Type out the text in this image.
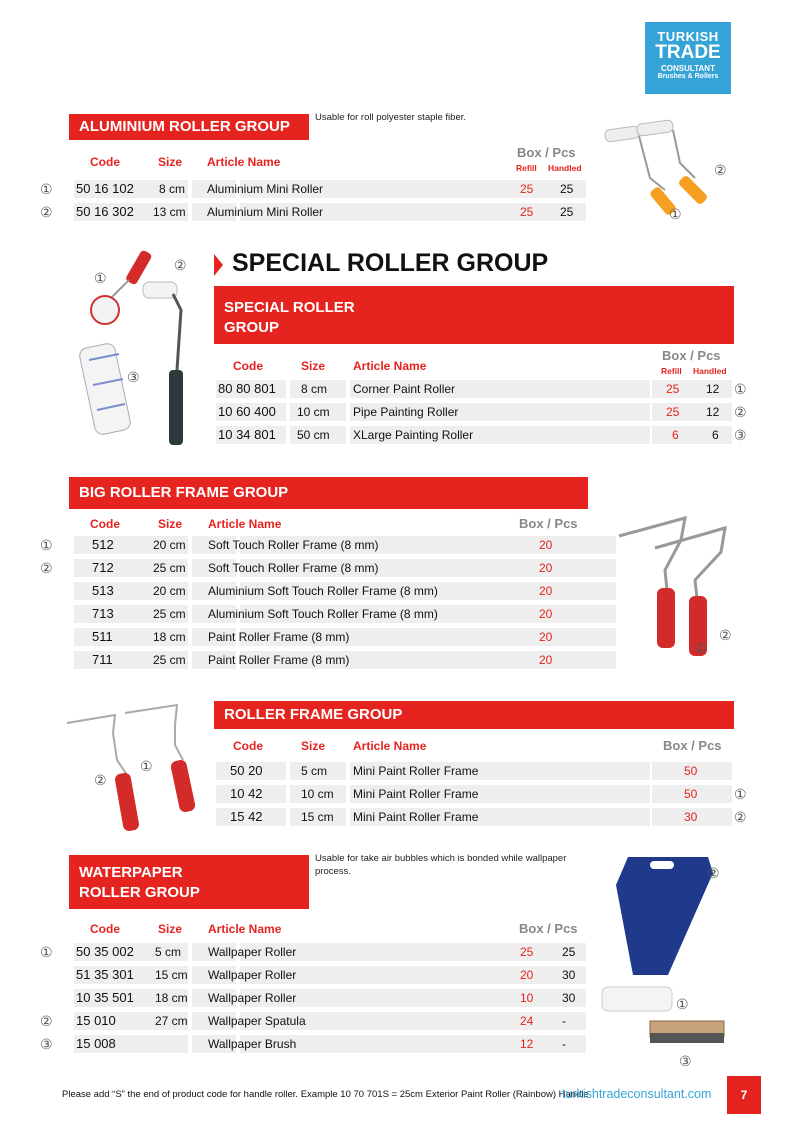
TURKISH
TRADE
CONSULTANT
Brushes & Rollers
ALUMINIUM ROLLER GROUP
Usable for roll polyester staple fiber.
Code	Size Article Name
Box / Pcs
Refill Handled
① 50 16 102 8 cm Aluminium Mini Roller	25 25
② 50 16 302 13 cm Aluminium Mini Roller	25 25
②
①
SPECIAL ROLLER GROUP
SPECIAL ROLLER
GROUP
Code	Size Article Name
Box / Pcs
Refill Handled
80 80 801 8 cm Corner Paint Roller	25 12 ①
10 60 400 10 cm Pipe Painting Roller	25 12 ②
10 34 801 50 cm XLarge Painting Roller	6	6 ③
①
②
③
BIG ROLLER FRAME GROUP
Code	Size Article Name	Box / Pcs
①	512	20 cm Soft Touch Roller Frame (8 mm)	20
②	712	25 cm Soft Touch Roller Frame (8 mm)	20
513	20 cm Aluminium Soft Touch Roller Frame (8 mm)	20
713	25 cm Aluminium Soft Touch Roller Frame (8 mm)	20
511	18 cm Paint Roller Frame (8 mm)	20
711	25 cm Paint Roller Frame (8 mm)	20
②
①
ROLLER FRAME GROUP
Code	Size Article Name	Box / Pcs
50 20	5 cm Mini Paint Roller Frame	50
10 42	10 cm Mini Paint Roller Frame	50	①
15 42	15 cm Mini Paint Roller Frame	30	②
①
②
WATERPAPER
ROLLER GROUP
Usable for take air bubbles which is bonded while wallpaper process.
Code	Size Article Name	Box / Pcs
① 50 35 002 5 cm Wallpaper Roller	25 25
51 35 301 15 cm Wallpaper Roller	20 30
10 35 501 18 cm Wallpaper Roller	10 30
② 15 010	27 cm Wallpaper Spatula	24 -
③ 15 008	Wallpaper Brush	12 -
②
①
③
Please add “S” the end of product code for handle roller. Example 10 70 701S = 25cm Exterior Paint Roller (Rainbow) Handle
turkishtradeconsultant.com	7
